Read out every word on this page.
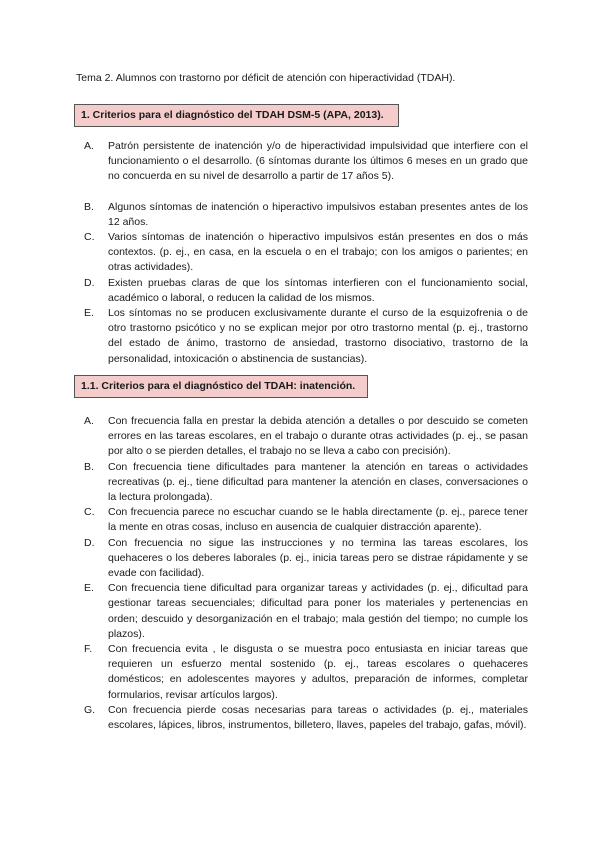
Tema 2. Alumnos con trastorno por déficit de atención con hiperactividad (TDAH).
1. Criterios para el diagnóstico del TDAH DSM-5 (APA, 2013).
A. Patrón persistente de inatención y/o de hiperactividad impulsividad que interfiere con el funcionamiento o el desarrollo. (6 síntomas durante los últimos 6 meses en un grado que no concuerda en su nivel de desarrollo a partir de 17 años 5).
B. Algunos síntomas de inatención o hiperactivo impulsivos estaban presentes antes de los 12 años.
C. Varios síntomas de inatención o hiperactivo impulsivos están presentes en dos o más contextos. (p. ej., en casa, en la escuela o en el trabajo; con los amigos o parientes; en otras actividades).
D. Existen pruebas claras de que los síntomas interfieren con el funcionamiento social, académico o laboral, o reducen la calidad de los mismos.
E. Los síntomas no se producen exclusivamente durante el curso de la esquizofrenia o de otro trastorno psicótico y no se explican mejor por otro trastorno mental (p. ej., trastorno del estado de ánimo, trastorno de ansiedad, trastorno disociativo, trastorno de la personalidad, intoxicación o abstinencia de sustancias).
1.1. Criterios para el diagnóstico del TDAH: inatención.
A. Con frecuencia falla en prestar la debida atención a detalles o por descuido se cometen errores en las tareas escolares, en el trabajo o durante otras actividades (p. ej., se pasan por alto o se pierden detalles, el trabajo no se lleva a cabo con precisión).
B. Con frecuencia tiene dificultades para mantener la atención en tareas o actividades recreativas (p. ej., tiene dificultad para mantener la atención en clases, conversaciones o la lectura prolongada).
C. Con frecuencia parece no escuchar cuando se le habla directamente (p. ej., parece tener la mente en otras cosas, incluso en ausencia de cualquier distracción aparente).
D. Con frecuencia no sigue las instrucciones y no termina las tareas escolares, los quehaceres o los deberes laborales (p. ej., inicia tareas pero se distrae rápidamente y se evade con facilidad).
E. Con frecuencia tiene dificultad para organizar tareas y actividades (p. ej., dificultad para gestionar tareas secuenciales; dificultad para poner los materiales y pertenencias en orden; descuido y desorganización en el trabajo; mala gestión del tiempo; no cumple los plazos).
F. Con frecuencia evita , le disgusta o se muestra poco entusiasta en iniciar tareas que requieren un esfuerzo mental sostenido (p. ej., tareas escolares o quehaceres domésticos; en adolescentes mayores y adultos, preparación de informes, completar formularios, revisar artículos largos).
G. Con frecuencia pierde cosas necesarias para tareas o actividades (p. ej., materiales escolares, lápices, libros, instrumentos, billetero, llaves, papeles del trabajo, gafas, móvil).
